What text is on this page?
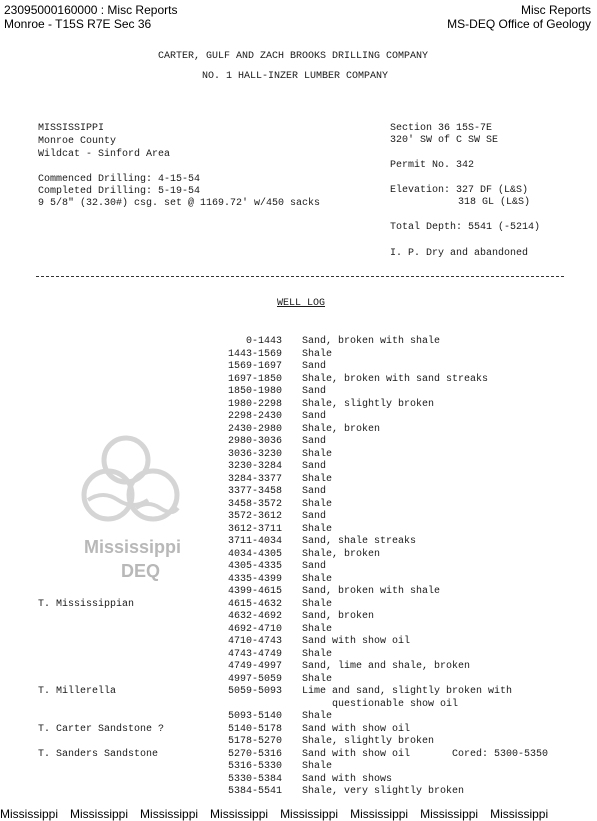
23095000160000 : Misc Reports
Monroe - T15S R7E Sec 36
Misc Reports
MS-DEQ Office of Geology
Mississippi
DEQ
CARTER, GULF AND ZACH BROOKS DRILLING COMPANY
NO. 1 HALL-INZER LUMBER COMPANY
MISSISSIPPI
Monroe County
Wildcat - Sinford Area
Commenced Drilling: 4-15-54
Completed Drilling: 5-19-54
9 5/8" (32.30#) csg. set @ 1169.72' w/450 sacks
Section 36 15S-7E
320' SW of C SW SE
Permit No. 342
Elevation: 327 DF (L&S)
318 GL (L&S)
Total Depth: 5541 (-5214)
I. P. Dry and abandoned
WELL LOG
0-1443 Sand, broken with shale
1443-1569 Shale
1569-1697 Sand
1697-1850 Shale, broken with sand streaks
1850-1980 Sand
1980-2298 Shale, slightly broken
2298-2430 Sand
2430-2980 Shale, broken
2980-3036 Sand
3036-3230 Shale
3230-3284 Sand
3284-3377 Shale
3377-3458 Sand
3458-3572 Shale
3572-3612 Sand
3612-3711 Shale
3711-4034 Sand, shale streaks
4034-4305 Shale, broken
4305-4335 Sand
4335-4399 Shale
4399-4615 Sand, broken with shale
4615-4632 Shale
T. Mississippian
4632-4692 Sand, broken
4692-4710 Shale
4710-4743 Sand with show oil
4743-4749 Shale
4749-4997 Sand, lime and shale, broken
4997-5059 Shale
5059-5093 Lime and sand, slightly broken with
T. Millerella
questionable show oil
5093-5140 Shale
5140-5178 Sand with show oil
T. Carter Sandstone ?
5178-5270 Shale, slightly broken
5270-5316 Sand with show oil
T. Sanders Sandstone	Cored: 5300-5350
5316-5330 Shale
5330-5384 Sand with shows
5384-5541 Shale, very slightly broken
Mississippi Mississippi Mississippi Mississippi Mississippi Mississippi Mississippi Mississippi
